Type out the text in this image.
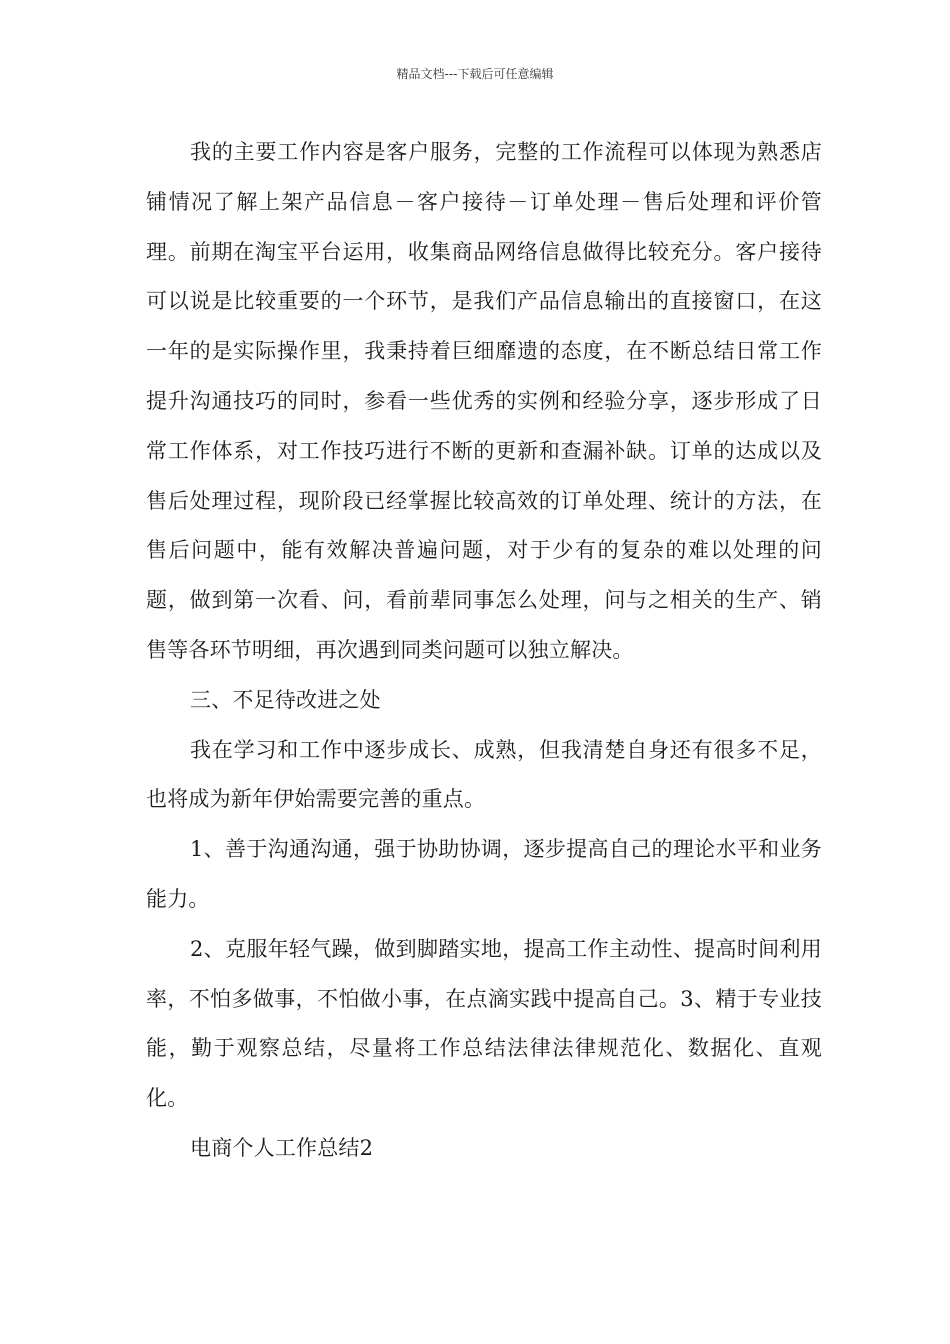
精品文档---下载后可任意编辑

我的主要工作内容是客户服务，完整的工作流程可以体现为熟悉店铺情况了解上架产品信息－客户接待－订单处理－售后处理和评价管理。前期在淘宝平台运用，收集商品网络信息做得比较充分。客户接待可以说是比较重要的一个环节，是我们产品信息输出的直接窗口，在这一年的是实际操作里，我秉持着巨细靡遗的态度，在不断总结日常工作提升沟通技巧的同时，参看一些优秀的实例和经验分享，逐步形成了日常工作体系，对工作技巧进行不断的更新和查漏补缺。订单的达成以及售后处理过程，现阶段已经掌握比较高效的订单处理、统计的方法，在售后问题中，能有效解决普遍问题，对于少有的复杂的难以处理的问题，做到第一次看、问，看前辈同事怎么处理，问与之相关的生产、销售等各环节明细，再次遇到同类问题可以独立解决。

三、不足待改进之处

我在学习和工作中逐步成长、成熟，但我清楚自身还有很多不足，也将成为新年伊始需要完善的重点。

1、善于沟通沟通，强于协助协调，逐步提高自己的理论水平和业务能力。

2、克服年轻气躁，做到脚踏实地，提高工作主动性、提高时间利用率，不怕多做事，不怕做小事，在点滴实践中提高自己。3、精于专业技能，勤于观察总结，尽量将工作总结法律法律规范化、数据化、直观化。

电商个人工作总结2
